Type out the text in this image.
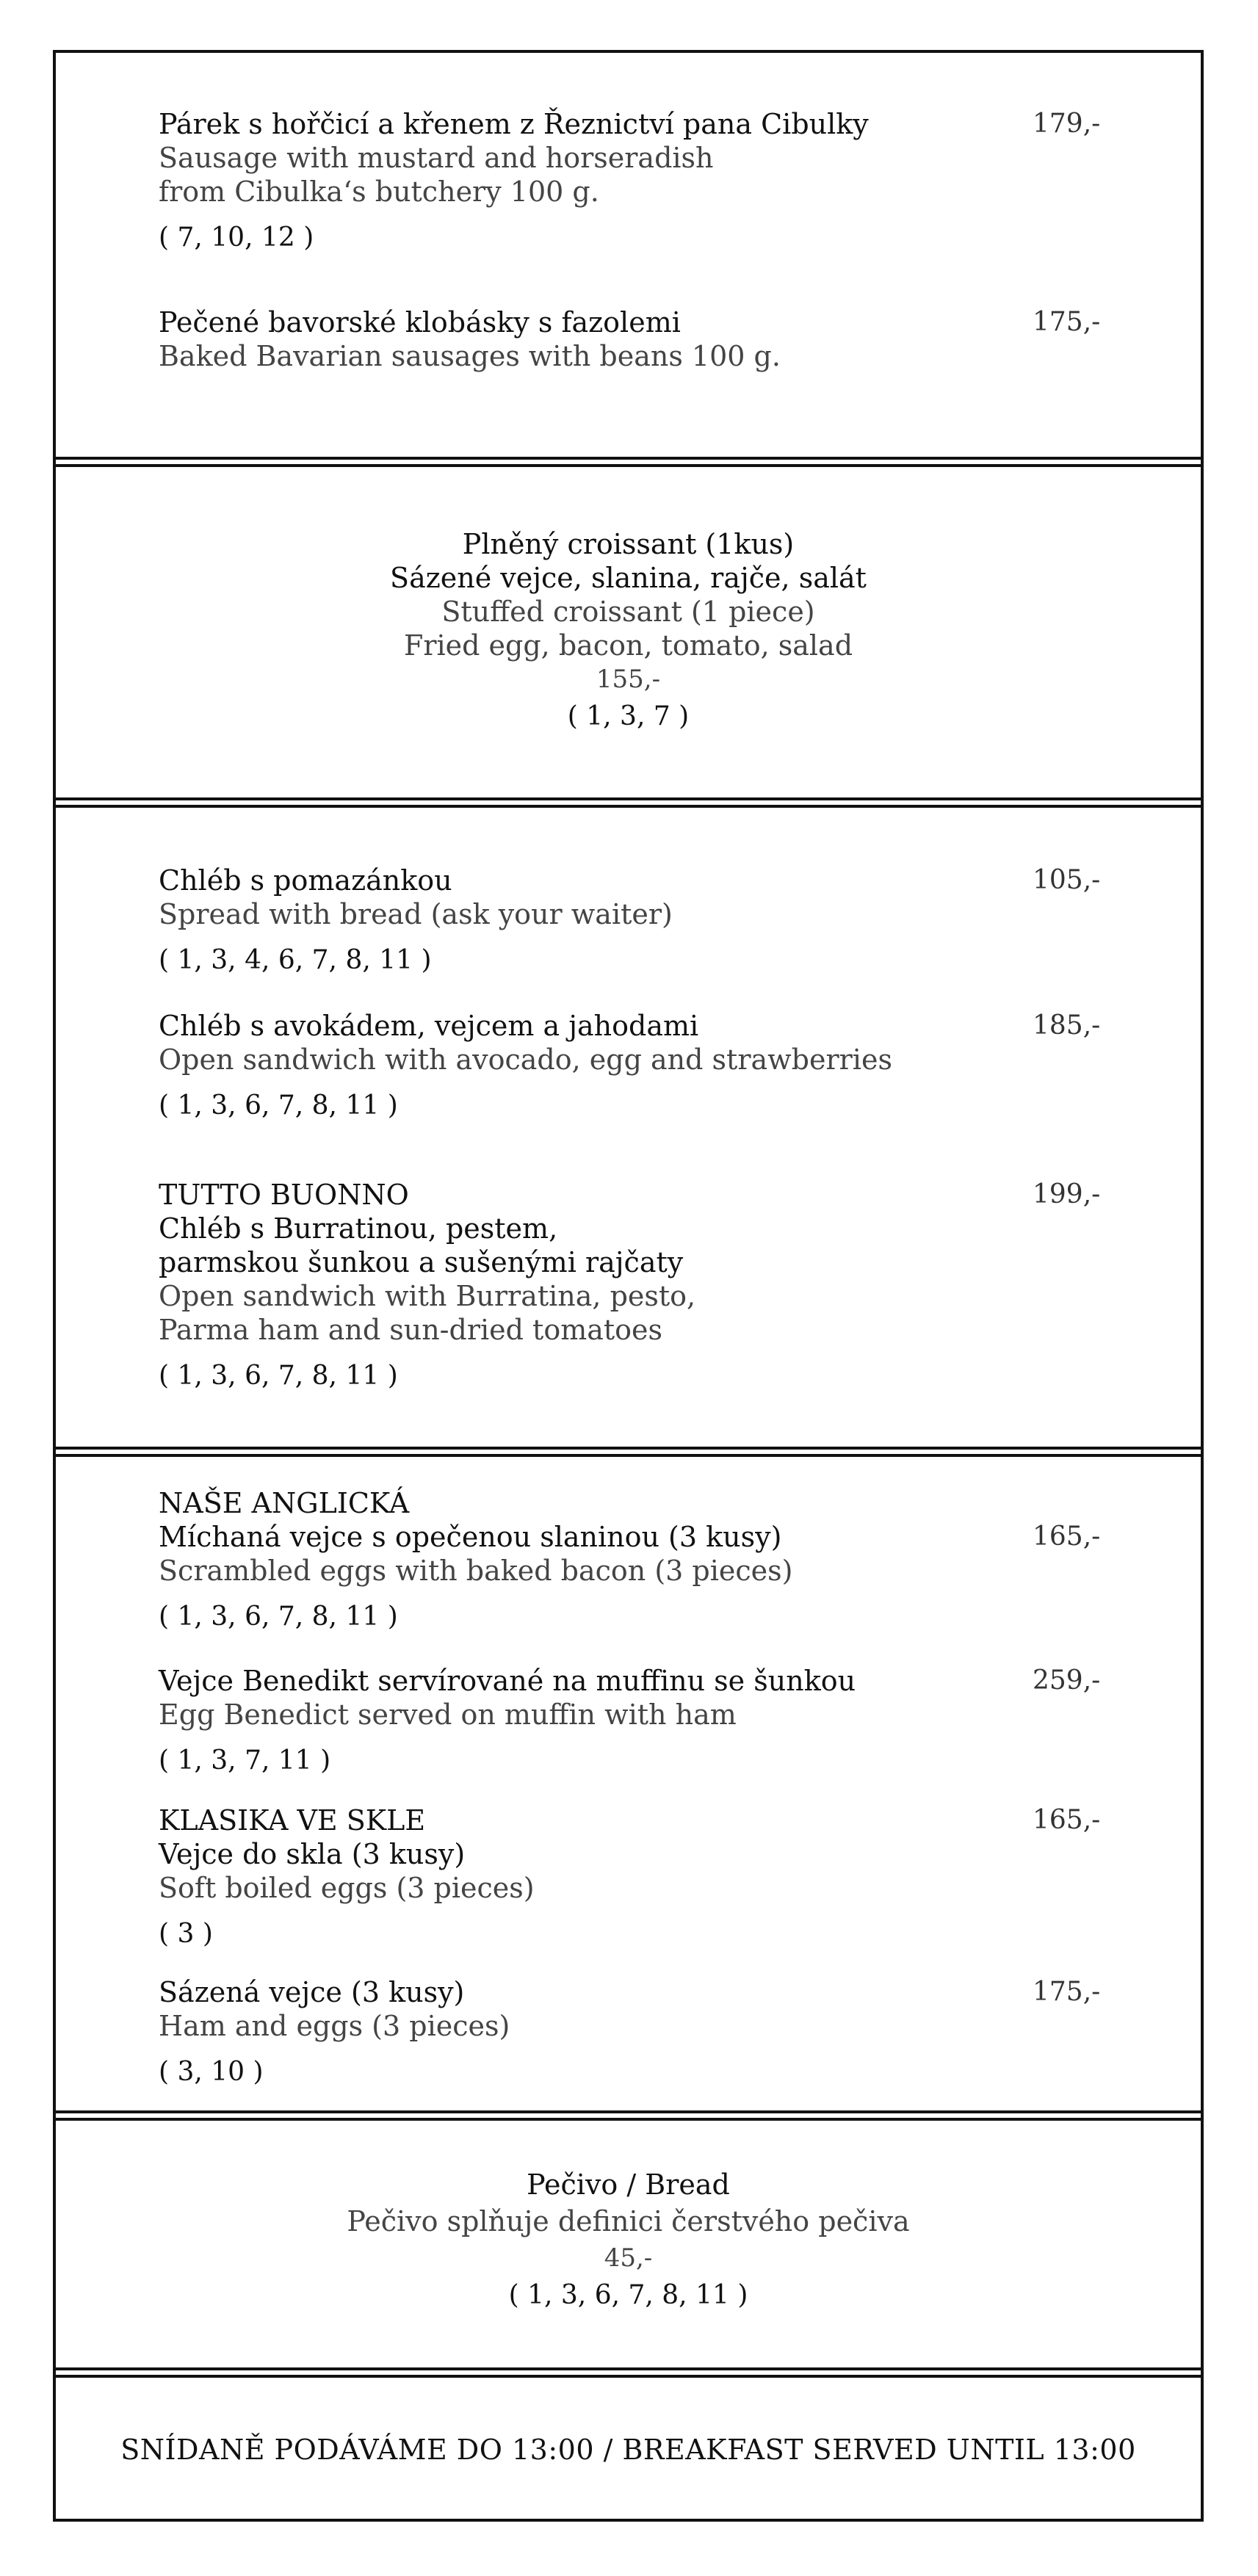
Párek s hořčicí a křenem z Řeznictví pana Cibulky
Sausage with mustard and horseradish
from Cibulka‘s butchery 100 g.
( 7, 10, 12 )
179,-
Pečené bavorské klobásky s fazolemi
Baked Bavarian sausages with beans 100 g.
175,-
Plněný croissant (1kus)
Sázené vejce, slanina, rajče, salát
Stuffed croissant (1 piece)
Fried egg, bacon, tomato, salad
155,-
( 1, 3, 7 )
Chléb s pomazánkou
Spread with bread (ask your waiter)
( 1, 3, 4, 6, 7, 8, 11 )
105,-
Chléb s avokádem, vejcem a jahodami
Open sandwich with avocado, egg and strawberries
( 1, 3, 6, 7, 8, 11 )
185,-
TUTTO BUONNO
Chléb s Burratinou, pestem,
parmskou šunkou a sušenými rajčaty
Open sandwich with Burratina, pesto,
Parma ham and sun-dried tomatoes
( 1, 3, 6, 7, 8, 11 )
199,-
NAŠE ANGLICKÁ
Míchaná vejce s opečenou slaninou (3 kusy)
Scrambled eggs with baked bacon (3 pieces)
( 1, 3, 6, 7, 8, 11 )
165,-
Vejce Benedikt servírované na muffinu se šunkou
Egg Benedict served on muffin with ham
( 1, 3, 7, 11 )
259,-
KLASIKA VE SKLE
Vejce do skla (3 kusy)
Soft boiled eggs (3 pieces)
( 3 )
165,-
Sázená vejce (3 kusy)
Ham and eggs (3 pieces)
( 3, 10 )
175,-
Pečivo / Bread
Pečivo splňuje definici čerstvého pečiva
45,-
( 1, 3, 6, 7, 8, 11 )
SNÍDANĚ PODÁVÁME DO 13:00 / BREAKFAST SERVED UNTIL 13:00
